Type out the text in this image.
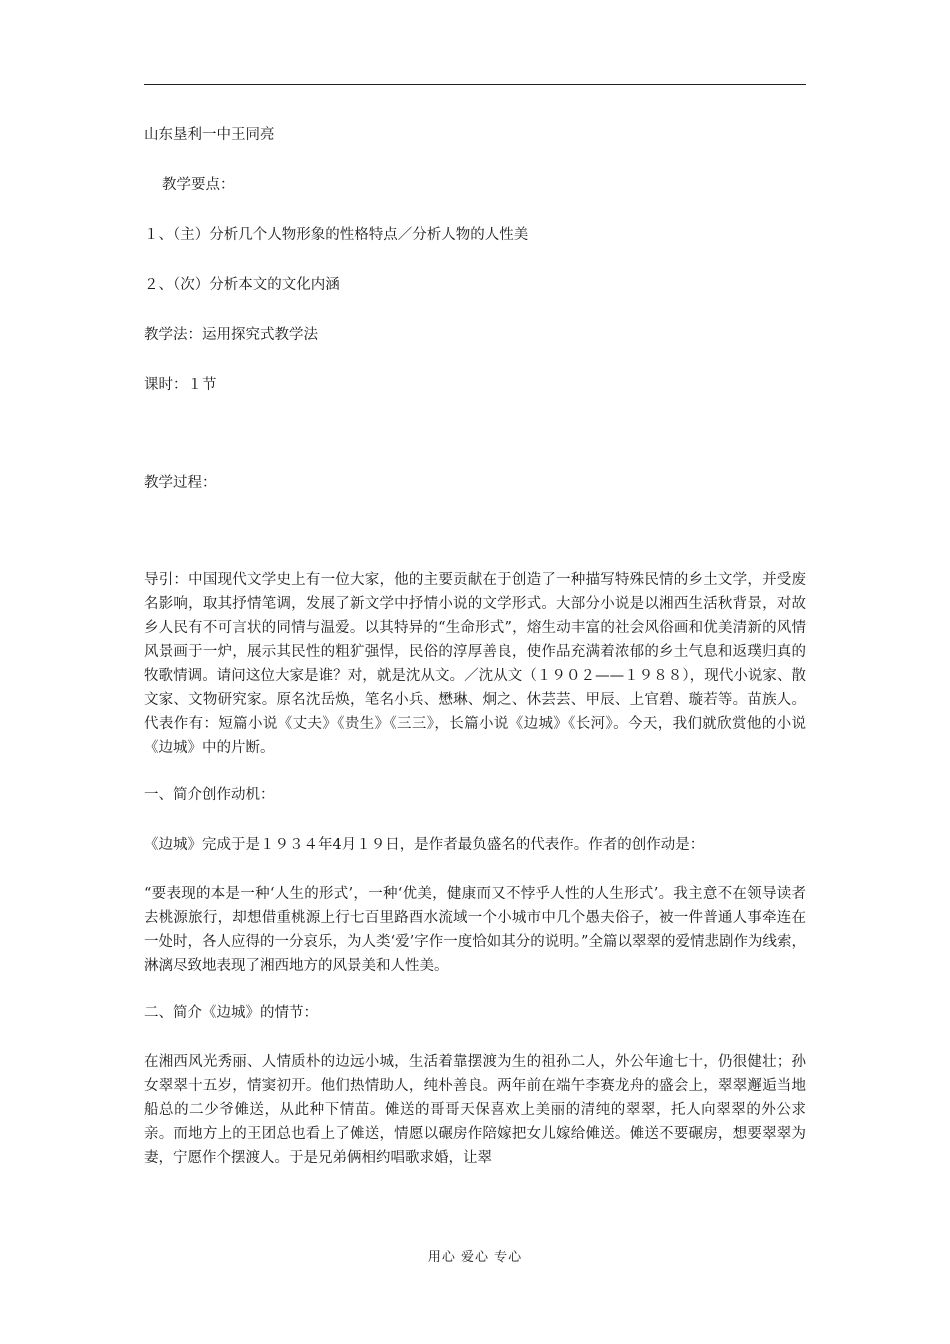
山东垦利一中王同亮

教学要点：

１、（主）分析几个人物形象的性格特点／分析人物的人性美

２、（次）分析本文的文化内涵

教学法：运用探究式教学法

课时：１节

教学过程：

导引：中国现代文学史上有一位大家，他的主要贡献在于创造了一种描写特殊民情的乡土文学，并受废名影响，取其抒情笔调，发展了新文学中抒情小说的文学形式。大部分小说是以湘西生活秋背景，对故乡人民有不可言状的同情与温爱。以其特异的“生命形式”，熔生动丰富的社会风俗画和优美清新的风情风景画于一炉，展示其民性的粗犷强悍，民俗的淳厚善良，使作品充满着浓郁的乡土气息和返璞归真的牧歌情调。请问这位大家是谁？对，就是沈从文。／沈从文（１９０２——１９８８），现代小说家、散文家、文物研究家。原名沈岳焕，笔名小兵、懋琳、炯之、休芸芸、甲辰、上官碧、璇若等。苗族人。代表作有：短篇小说《丈夫》《贵生》《三三》，长篇小说《边城》《长河》。今天，我们就欣赏他的小说《边城》中的片断。

一、简介创作动机：

《边城》完成于是１９３４年4月１９日，是作者最负盛名的代表作。作者的创作动是：

“要表现的本是一种‘人生的形式’，一种‘优美，健康而又不悖乎人性的人生形式’。我主意不在领导读者去桃源旅行，却想借重桃源上行七百里路酉水流域一个小城市中几个愚夫俗子，被一件普通人事牵连在一处时，各人应得的一分哀乐，为人类‘爱’字作一度恰如其分的说明。”全篇以翠翠的爱情悲剧作为线索，淋漓尽致地表现了湘西地方的风景美和人性美。

二、简介《边城》的情节：

在湘西风光秀丽、人情质朴的边远小城，生活着靠摆渡为生的祖孙二人，外公年逾七十，仍很健壮；孙女翠翠十五岁，情窦初开。他们热情助人，纯朴善良。两年前在端午李赛龙舟的盛会上，翠翠邂逅当地船总的二少爷傩送，从此种下情苗。傩送的哥哥天保喜欢上美丽的清纯的翠翠，托人向翠翠的外公求亲。而地方上的王团总也看上了傩送，情愿以碾房作陪嫁把女儿嫁给傩送。傩送不要碾房，想要翠翠为妻，宁愿作个摆渡人。于是兄弟俩相约唱歌求婚，让翠

用心 爱心 专心
